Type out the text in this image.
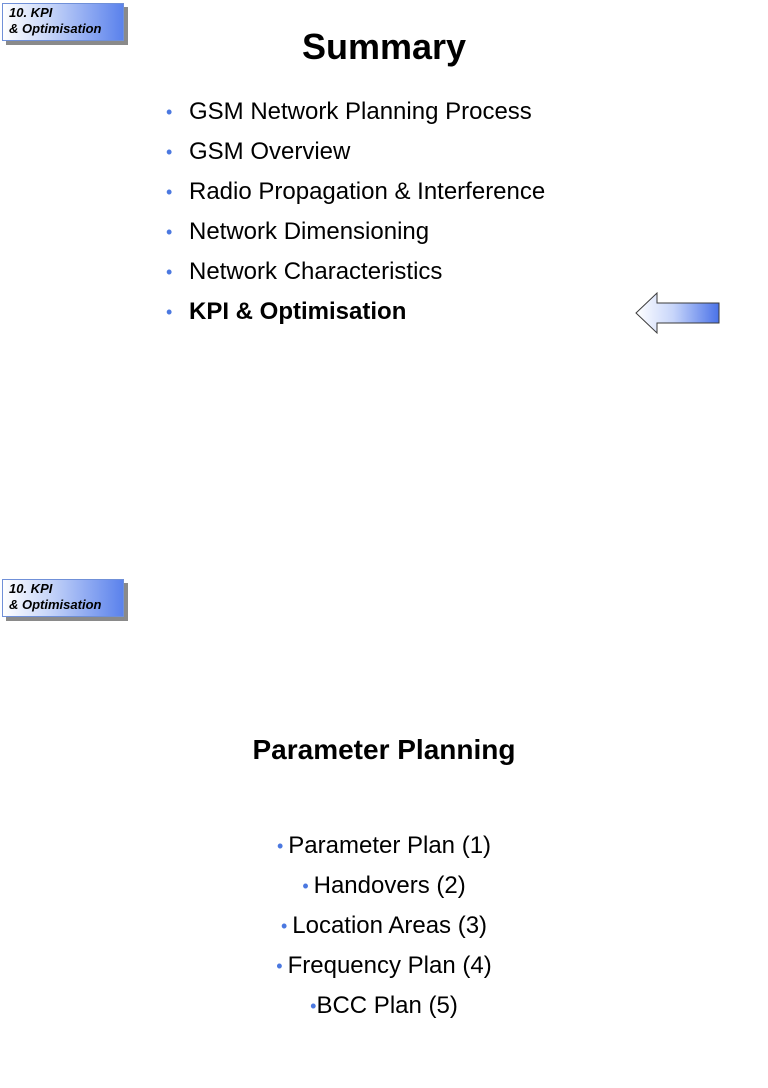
10. KPI
& Optimisation	Summary
• GSM Network Planning Process
• GSM Overview
• Radio Propagation & Interference
• Network Dimensioning
• Network Characteristics
• KPI & Optimisation
10. KPI
& Optimisation
Parameter Planning
• Parameter Plan (1)
• Handovers (2)
• Location Areas (3)
• Frequency Plan (4)
•BCC Plan (5)
